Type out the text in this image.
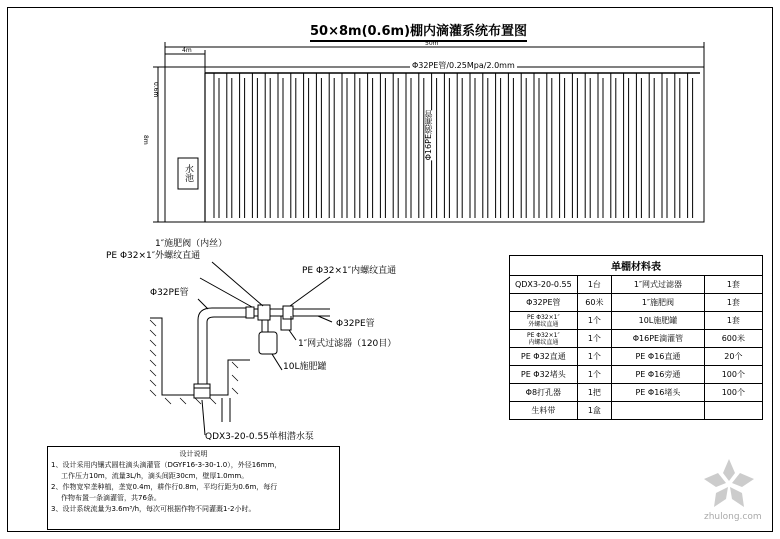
50×8m(0.6m)棚内滴灌系统布置图
50m
4m
8m
0.6m
Φ32PE管/0.25Mpa/2.0mm
Φ16PE滴灌管
水池
1″施肥阀（内丝）
PE Φ32×1″外螺纹直通
PE Φ32×1″内螺纹直通
Φ32PE管
Φ32PE管
1″网式过滤器（120目）
10L施肥罐
QDX3-20-0.55单相潜水泵
单棚材料表			
QDX3-20-0.55	1台	1″网式过滤器	1套
Φ32PE管	60米	1″施肥阀	1套
PE Φ32×1″
外螺纹直通	1个	10L施肥罐	1套
PE Φ32×1″
内螺纹直通	1个	Φ16PE滴灌管	600米
PE Φ32直通	1个	PE Φ16直通	20个
PE Φ32堵头	1个	PE Φ16旁通	100个
Φ8打孔器	1把	PE Φ16堵头	100个
生料带	1盒		
设计说明
1、设计采用内镶式圆柱滴头滴灌管（DGYF16-3-30-1.0），外径16mm，
工作压力10m，流量3L/h，滴头间距30cm，壁厚1.0mm。
2、作物宽窄垄种植，垄宽0.4m，耕作行0.8m，平均行距为0.6m，每行
作物布置一条滴灌管，共76条。
3、设计系统流量为3.6m³/h，每次可根据作物不同灌溉1-2小时。
zhulong.com
